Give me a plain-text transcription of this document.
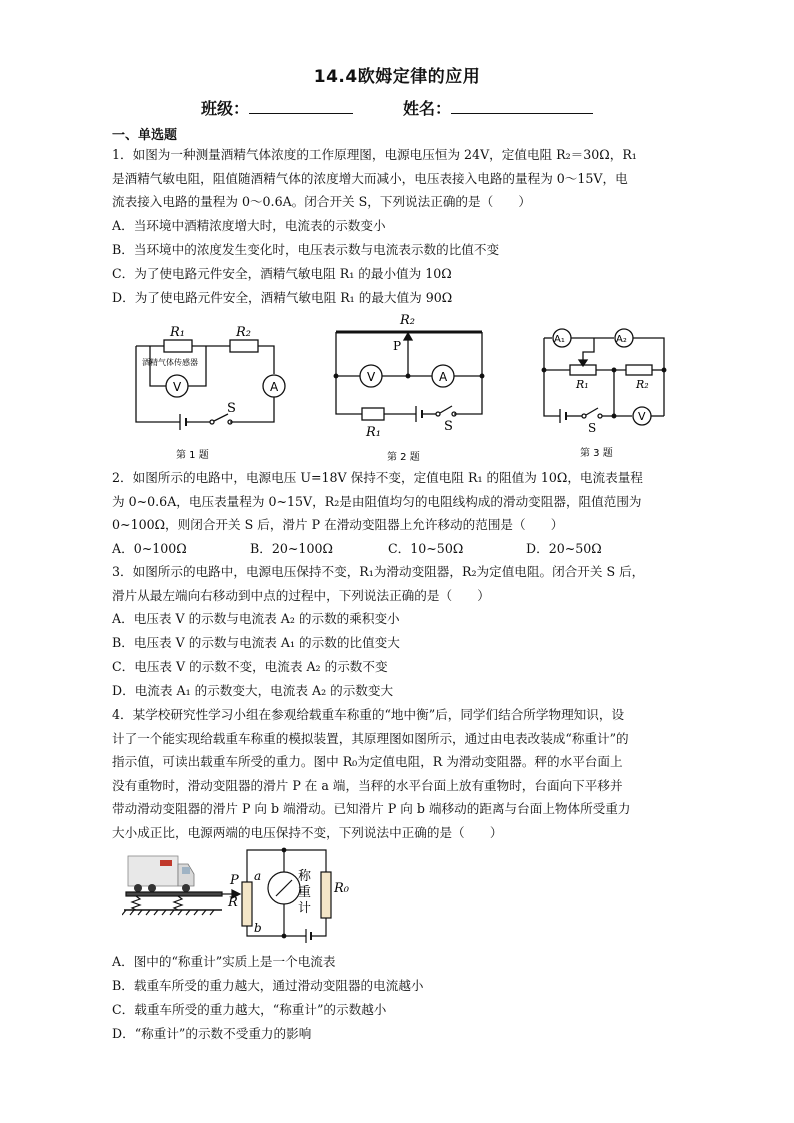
14.4欧姆定律的应用
班级：	姓名：
一、单选题
1．如图为一种测量酒精气体浓度的工作原理图，电源电压恒为 24V，定值电阻 R₂＝30Ω，R₁
是酒精气敏电阻，阻值随酒精气体的浓度增大而减小，电压表接入电路的量程为 0～15V，电
流表接入电路的量程为 0～0.6A。闭合开关 S，下列说法正确的是（　　）
A．当环境中酒精浓度增大时，电流表的示数变小
B．当环境中的浓度发生变化时，电压表示数与电流表示数的比值不变
C．为了使电路元件安全，酒精气敏电阻 R₁ 的最小值为 10Ω
D．为了使电路元件安全，酒精气敏电阻 R₁ 的最大值为 90Ω
R₁	R₂
酒精气体传感器
V	A
S
第 1 题
R₂
P
V	A
R₁	S
第 2 题
A₁	A₂
R₁	R₂
S
V
第 3 题
2．如图所示的电路中，电源电压 U=18V 保持不变，定值电阻 R₁ 的阻值为 10Ω，电流表量程
为 0~0.6A，电压表量程为 0~15V，R₂是由阻值均匀的电阻线构成的滑动变阻器，阻值范围为
0~100Ω，则闭合开关 S 后，滑片 P 在滑动变阻器上允许移动的范围是（　　）
A．0~100Ω	B．20~100Ω	C．10~50Ω	D．20~50Ω
3．如图所示的电路中，电源电压保持不变，R₁为滑动变阻器，R₂为定值电阻。闭合开关 S 后，
滑片从最左端向右移动到中点的过程中，下列说法正确的是（　　）
A．电压表 V 的示数与电流表 A₂ 的示数的乘积变小
B．电压表 V 的示数与电流表 A₁ 的示数的比值变大
C．电压表 V 的示数不变，电流表 A₂ 的示数不变
D．电流表 A₁ 的示数变大，电流表 A₂ 的示数变大
4．某学校研究性学习小组在参观给载重车称重的“地中衡”后，同学们结合所学物理知识，设
计了一个能实现给载重车称重的模拟装置，其原理图如图所示，通过由电表改装成“称重计”的
指示值，可读出载重车所受的重力。图中 R₀为定值电阻，R 为滑动变阻器。秤的水平台面上
没有重物时，滑动变阻器的滑片 P 在 a 端，当秤的水平台面上放有重物时，台面向下平移并
带动滑动变阻器的滑片 P 向 b 端滑动。已知滑片 P 向 b 端移动的距离与台面上物体所受重力
大小成正比，电源两端的电压保持不变，下列说法中正确的是（　　）
P a
R
b
称
重
计
R₀
A．图中的“称重计”实质上是一个电流表
B．载重车所受的重力越大，通过滑动变阻器的电流越小
C．载重车所受的重力越大，“称重计”的示数越小
D．“称重计”的示数不受重力的影响
